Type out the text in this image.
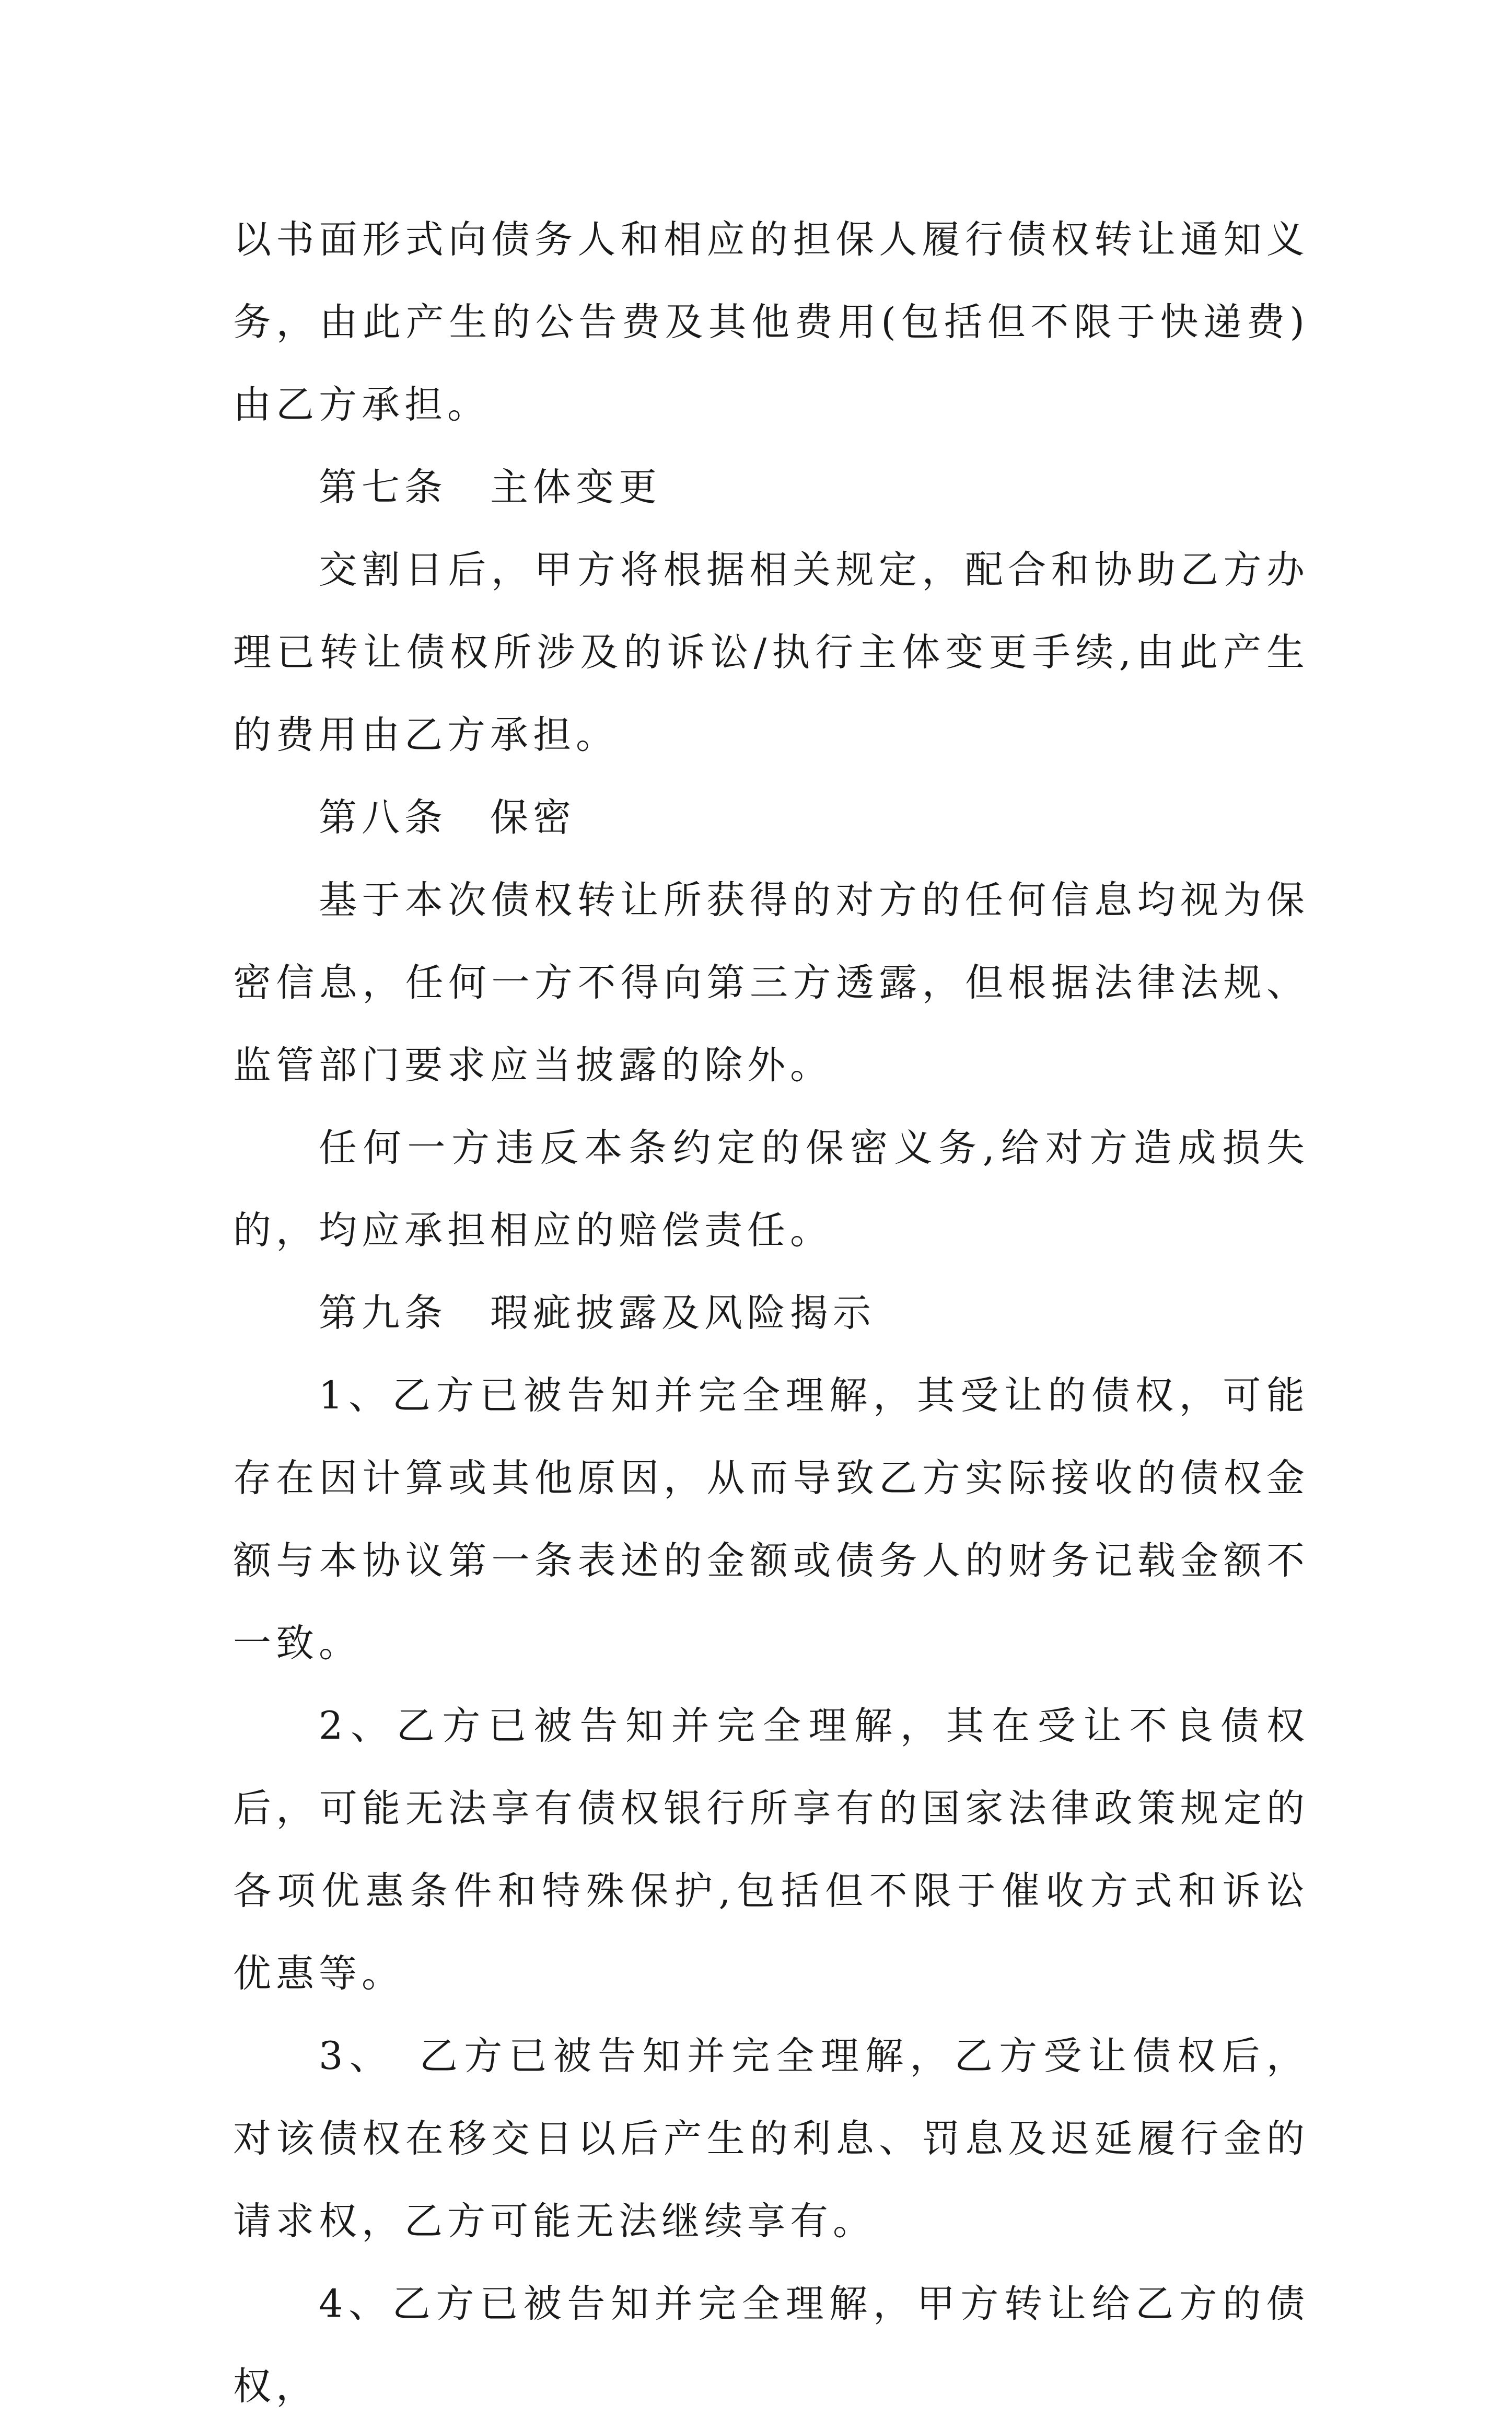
以书面形式向债务人和相应的担保人履行债权转让通知义务，由此产生的公告费及其他费用(包括但不限于快递费)由乙方承担。

第七条　主体变更

交割日后，甲方将根据相关规定，配合和协助乙方办理已转让债权所涉及的诉讼/执行主体变更手续,由此产生的费用由乙方承担。

第八条　保密

基于本次债权转让所获得的对方的任何信息均视为保密信息，任何一方不得向第三方透露，但根据法律法规、监管部门要求应当披露的除外。

任何一方违反本条约定的保密义务,给对方造成损失的，均应承担相应的赔偿责任。

第九条　瑕疵披露及风险揭示

1、乙方已被告知并完全理解，其受让的债权，可能存在因计算或其他原因，从而导致乙方实际接收的债权金额与本协议第一条表述的金额或债务人的财务记载金额不一致。

2、乙方已被告知并完全理解，其在受让不良债权后，可能无法享有债权银行所享有的国家法律政策规定的各项优惠条件和特殊保护,包括但不限于催收方式和诉讼优惠等。

3、　乙方已被告知并完全理解，乙方受让债权后，对该债权在移交日以后产生的利息、罚息及迟延履行金的请求权，乙方可能无法继续享有。

4、乙方已被告知并完全理解，甲方转让给乙方的债权，
